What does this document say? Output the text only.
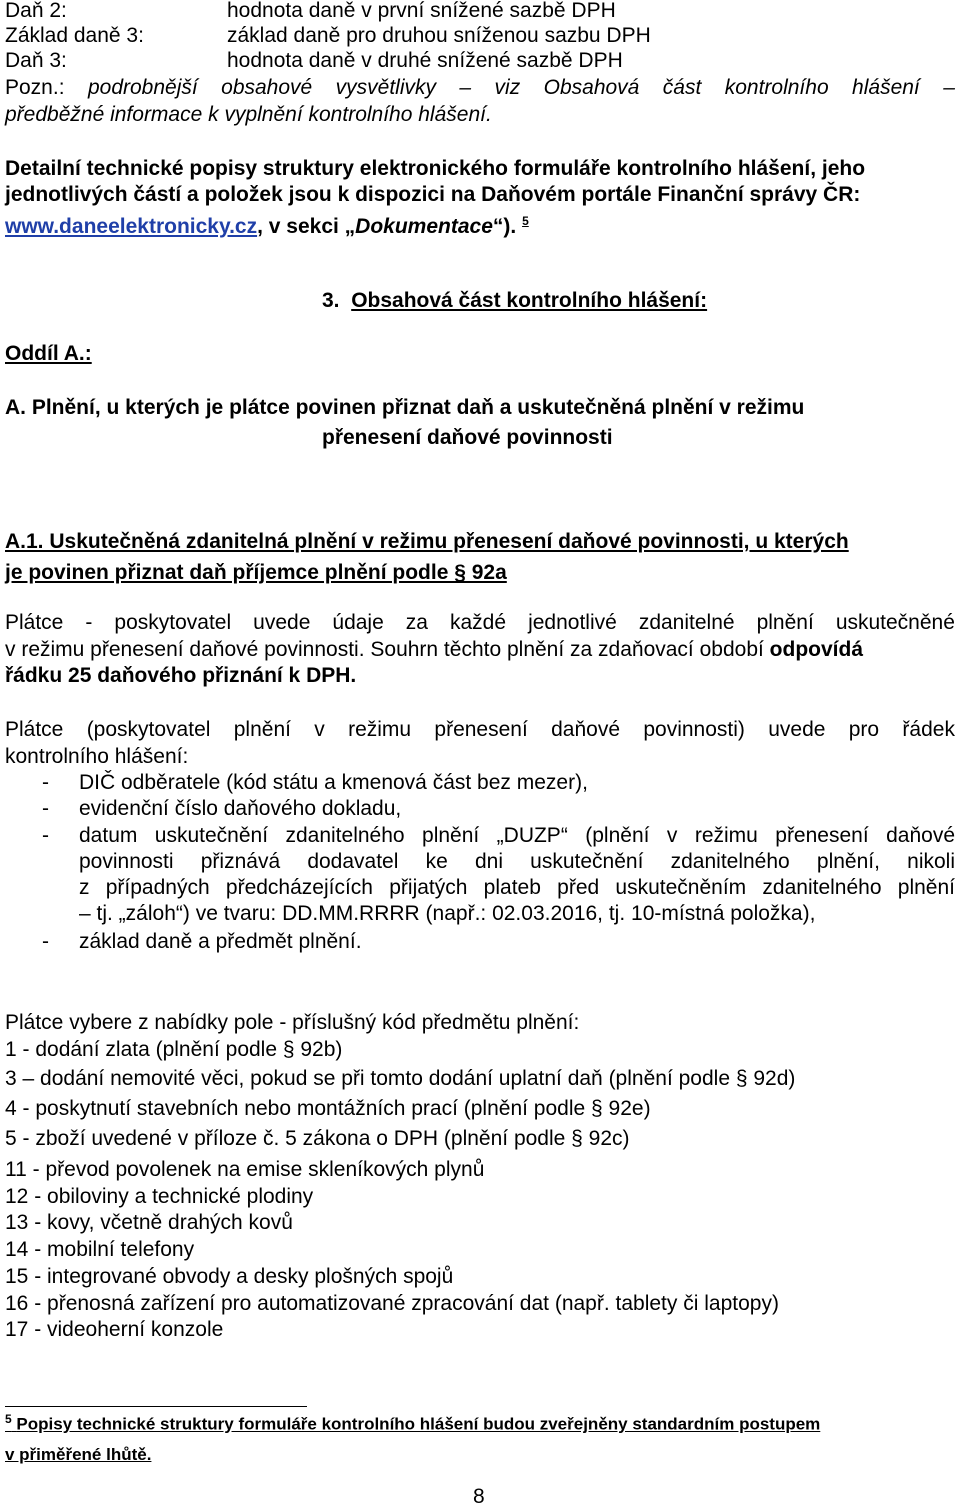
Daň 2:	hodnota daně v první snížené sazbě DPH
Základ daně 3:	základ daně pro druhou sníženou sazbu DPH
Daň 3:	hodnota daně v druhé snížené sazbě DPH
Pozn.: podrobnější obsahové vysvětlivky – viz Obsahová část kontrolního hlášení –
předběžné informace k vyplnění kontrolního hlášení.
Detailní technické popisy struktury elektronického formuláře kontrolního hlášení, jeho
jednotlivých částí a položek jsou k dispozici na Daňovém portále Finanční správy ČR:
www.daneelektronicky.cz, v sekci „Dokumentace“). $^5$
3. Obsahová část kontrolního hlášení:
Oddíl A.:
A. Plnění, u kterých je plátce povinen přiznat daň a uskutečněná plnění v režimu
přenesení daňové povinnosti
A.1. Uskutečněná zdanitelná plnění v režimu přenesení daňové povinnosti, u kterých
je povinen přiznat daň příjemce plnění podle § 92a
Plátce - poskytovatel uvede údaje za každé jednotlivé zdanitelné plnění uskutečněné
v režimu přenesení daňové povinnosti. Souhrn těchto plnění za zdaňovací období odpovídá
řádku 25 daňového přiznání k DPH.
Plátce (poskytovatel plnění v režimu přenesení daňové povinnosti) uvede pro řádek
kontrolního hlášení:
- DIČ odběratele (kód státu a kmenová část bez mezer),
- evidenční číslo daňového dokladu,
- datum uskutečnění zdanitelného plnění „DUZP“ (plnění v režimu přenesení daňové
povinnosti přiznává dodavatel ke dni uskutečnění zdanitelného plnění, nikoli
z případných předcházejících přijatých plateb před uskutečněním zdanitelného plnění
– tj. „záloh“) ve tvaru: DD.MM.RRRR (např.: 02.03.2016, tj. 10-místná položka),
- základ daně a předmět plnění.
Plátce vybere z nabídky pole - příslušný kód předmětu plnění:
1 - dodání zlata (plnění podle § 92b)
3 – dodání nemovité věci, pokud se při tomto dodání uplatní daň (plnění podle § 92d)
4 - poskytnutí stavebních nebo montážních prací (plnění podle § 92e)
5 - zboží uvedené v příloze č. 5 zákona o DPH (plnění podle § 92c)
11 - převod povolenek na emise skleníkových plynů
12 - obiloviny a technické plodiny
13 - kovy, včetně drahých kovů
14 - mobilní telefony
15 - integrované obvody a desky plošných spojů
16 - přenosná zařízení pro automatizované zpracování dat (např. tablety či laptopy)
17 - videoherní konzole
$^5$ Popisy technické struktury formuláře kontrolního hlášení budou zveřejněny standardním postupem
v přiměřené lhůtě.
8
